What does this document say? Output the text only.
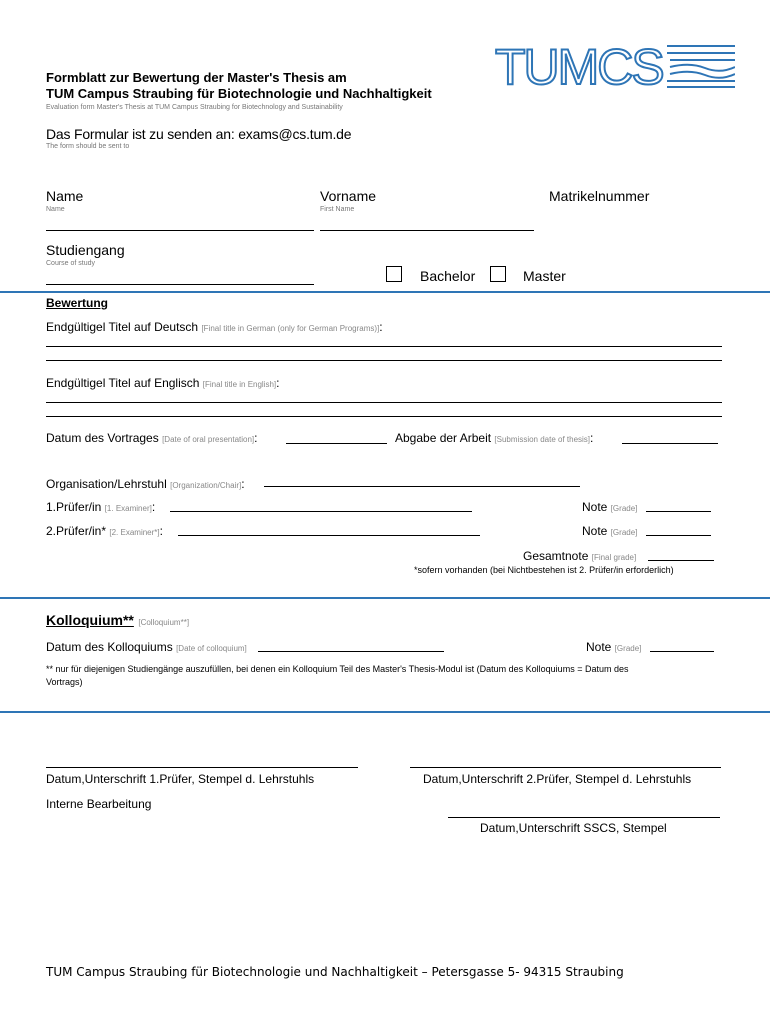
Formblatt zur Bewertung der Master's Thesis am
TUM Campus Straubing für Biotechnologie und Nachhaltigkeit
Evaluation form Master's Thesis at TUM Campus Straubing for Biotechnology and Sustainability
TUMCS
Das Formular ist zu senden an: exams@cs.tum.de
The form should be sent to
Name
Name
Vorname
First Name
Matrikelnummer
Studiengang
Course of study
Bachelor	Master
Bewertung
Endgültigel Titel auf Deutsch [Final title in German (only for German Programs)]:
Endgültigel Titel auf Englisch [Final title in English]:
Datum des Vortrages [Date of oral presentation]:	Abgabe der Arbeit [Submission date of thesis]:
Organisation/Lehrstuhl [Organization/Chair]:
1.Prüfer/in [1. Examiner]:	Note [Grade]
2.Prüfer/in* [2. Examiner*]:	Note [Grade]
Gesamtnote [Final grade]
*sofern vorhanden (bei Nichtbestehen ist 2. Prüfer/in erforderlich)
Kolloquium** [Colloquium**]
Datum des Kolloquiums [Date of colloquium]	Note [Grade]
** nur für diejenigen Studiengänge auszufüllen, bei denen ein Kolloquium Teil des Master's Thesis-Modul ist (Datum des Kolloquiums = Datum des
Vortrags)
Datum,Unterschrift 1.Prüfer, Stempel d. Lehrstuhls	Datum,Unterschrift 2.Prüfer, Stempel d. Lehrstuhls
Interne Bearbeitung
Datum,Unterschrift SSCS, Stempel
TUM Campus Straubing für Biotechnologie und Nachhaltigkeit – Petersgasse 5- 94315 Straubing
